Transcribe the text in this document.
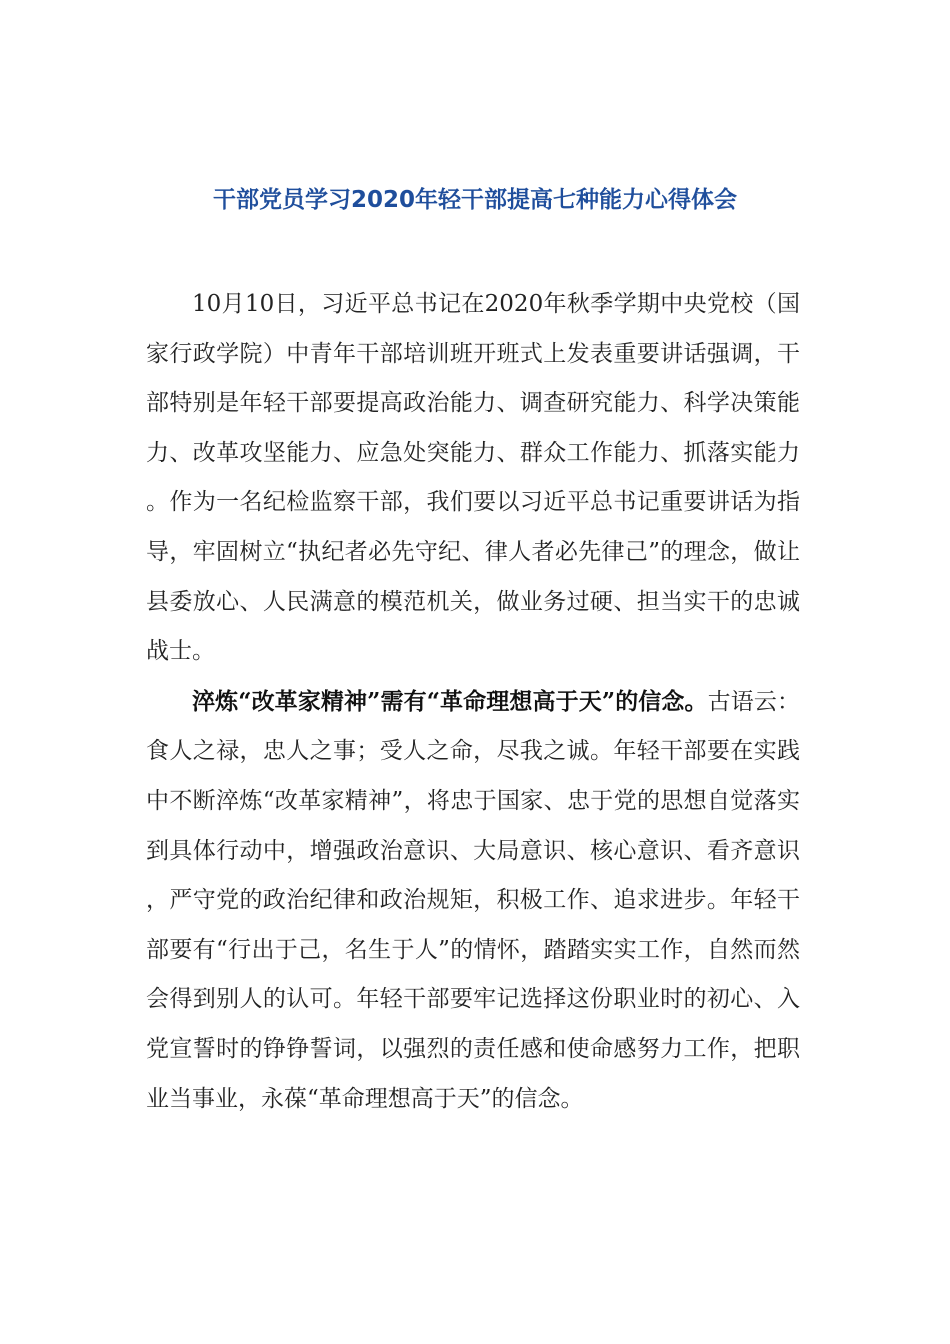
干部党员学习2020年轻干部提高七种能力心得体会

10月10日，习近平总书记在2020年秋季学期中央党校（国家行政学院）中青年干部培训班开班式上发表重要讲话强调，干部特别是年轻干部要提高政治能力、调查研究能力、科学决策能力、改革攻坚能力、应急处突能力、群众工作能力、抓落实能力。作为一名纪检监察干部，我们要以习近平总书记重要讲话为指导，牢固树立“执纪者必先守纪、律人者必先律己”的理念，做让县委放心、人民满意的模范机关，做业务过硬、担当实干的忠诚战士。

淬炼“改革家精神”需有“革命理想高于天”的信念。古语云：食人之禄，忠人之事；受人之命，尽我之诚。年轻干部要在实践中不断淬炼“改革家精神”，将忠于国家、忠于党的思想自觉落实到具体行动中，增强政治意识、大局意识、核心意识、看齐意识，严守党的政治纪律和政治规矩，积极工作、追求进步。年轻干部要有“行出于己，名生于人”的情怀，踏踏实实工作，自然而然会得到别人的认可。年轻干部要牢记选择这份职业时的初心、入党宣誓时的铮铮誓词，以强烈的责任感和使命感努力工作，把职业当事业，永葆“革命理想高于天”的信念。
